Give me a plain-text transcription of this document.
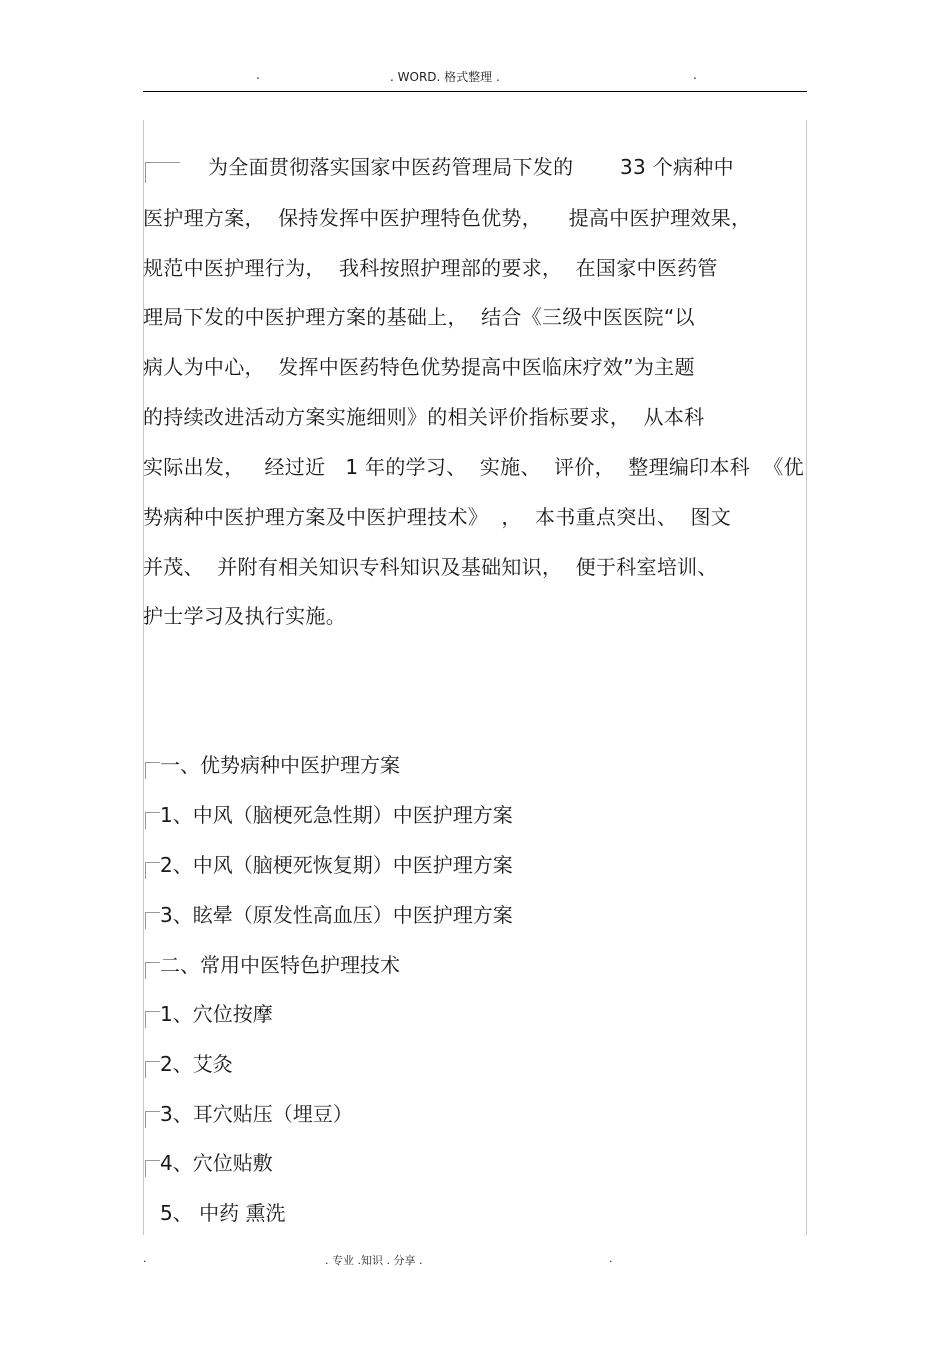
.	. WORD. 格式整理 .	.
为全面贯彻落实国家中医药管理局下发的       33 个病种中
医护理方案，  保持发挥中医护理特色优势，    提高中医护理效果，
规范中医护理行为，  我科按照护理部的要求，  在国家中医药管
理局下发的中医护理方案的基础上，  结合《三级中医医院“以
病人为中心，  发挥中医药特色优势提高中医临床疗效”为主题
的持续改进活动方案实施细则》的相关评价指标要求，  从本科
实际出发，   经过近   1 年的学习、  实施、  评价，  整理编印本科  《优
势病种中医护理方案及中医护理技术》  ，  本书重点突出、  图文
并茂、  并附有相关知识专科知识及基础知识，  便于科室培训、
护士学习及执行实施。
一、优势病种中医护理方案
1、中风（脑梗死急性期）中医护理方案
2、中风（脑梗死恢复期）中医护理方案
3、眩晕（原发性高血压）中医护理方案
二、常用中医特色护理技术
1、穴位按摩
2、艾灸
3、耳穴贴压（埋豆）
4、穴位贴敷
5、 中药 熏洗
.	. 专业 .知识 . 分享 .	.
